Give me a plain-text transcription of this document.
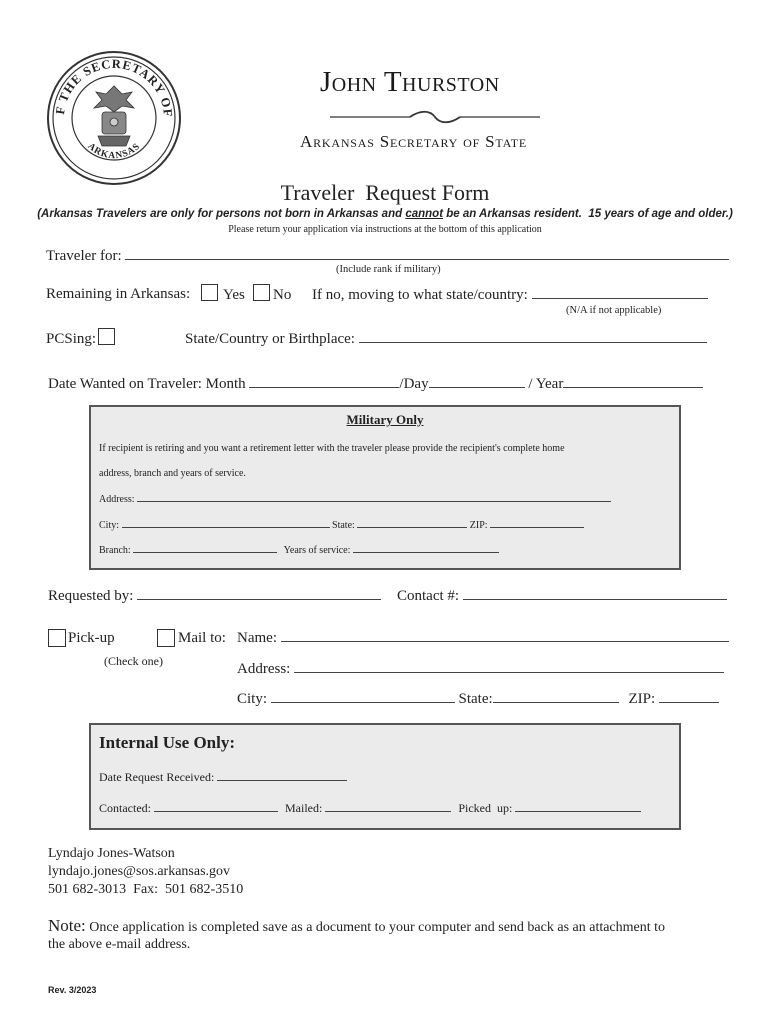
F THE SECRETARY OF
ARKANSAS
John Thurston
Arkansas Secretary of State
Traveler  Request Form
(Arkansas Travelers are only for persons not born in Arkansas and cannot be an Arkansas resident.  15 years of age and older.)
Please return your application via instructions at the bottom of this application
Traveler for:
(Include rank if military)
Remaining in Arkansas: Yes No If no, moving to what state/country:
(N/A if not applicable)
PCSing:	State/Country or Birthplace:
Date Wanted on Traveler: Month	/Day	/ Year
Military Only
If recipient is retiring and you want a retirement letter with the traveler please provide the recipient's complete home
address, branch and years of service.
Address:
City:	State:	ZIP:
Branch:	Years of service:
Requested by:	Contact #:
Pick-up	Mail to:
(Check one)
Name:
Address:
City:	State:	ZIP:
Internal Use Only:
Date Request Received:
Contacted:	Mailed:	Picked  up:
Lyndajo Jones-Watson
lyndajo.jones@sos.arkansas.gov
501 682-3013  Fax:  501 682-3510
Note: Once application is completed save as a document to your computer and send back as an attachment to
the above e-mail address.
Rev. 3/2023
